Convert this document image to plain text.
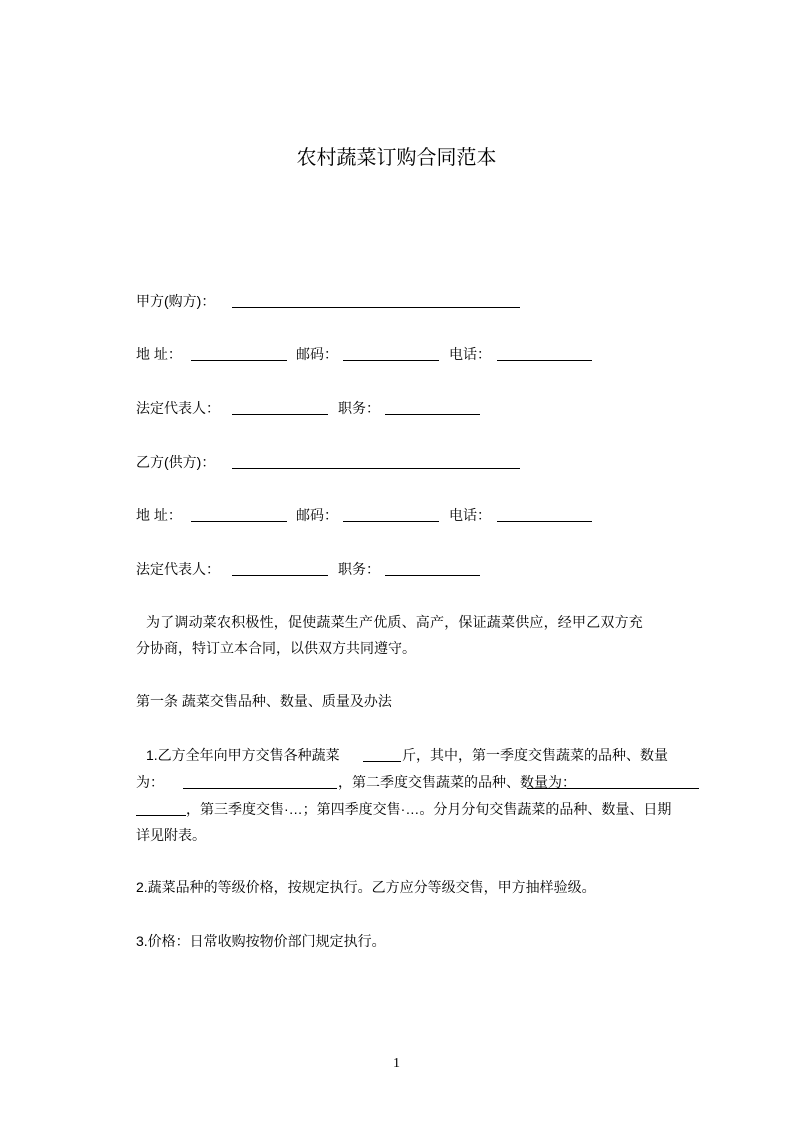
农村蔬菜订购合同范本
甲方(购方)：
地 址：	邮码：	电话：
法定代表人：	职务：
乙方(供方)：
地 址：	邮码：	电话：
法定代表人：	职务：
为了调动菜农积极性，促使蔬菜生产优质、高产，保证蔬菜供应，经甲乙双方充
分协商，特订立本合同，以供双方共同遵守。
第一条 蔬菜交售品种、数量、质量及办法
1.乙方全年向甲方交售各种蔬菜	斤，其中，第一季度交售蔬菜的品种、数量
为：	，第二季度交售蔬菜的品种、数量为：
，第三季度交售·…；第四季度交售·…。分月分旬交售蔬菜的品种、数量、日期
详见附表。
2.蔬菜品种的等级价格，按规定执行。乙方应分等级交售，甲方抽样验级。
3.价格：日常收购按物价部门规定执行。
1
